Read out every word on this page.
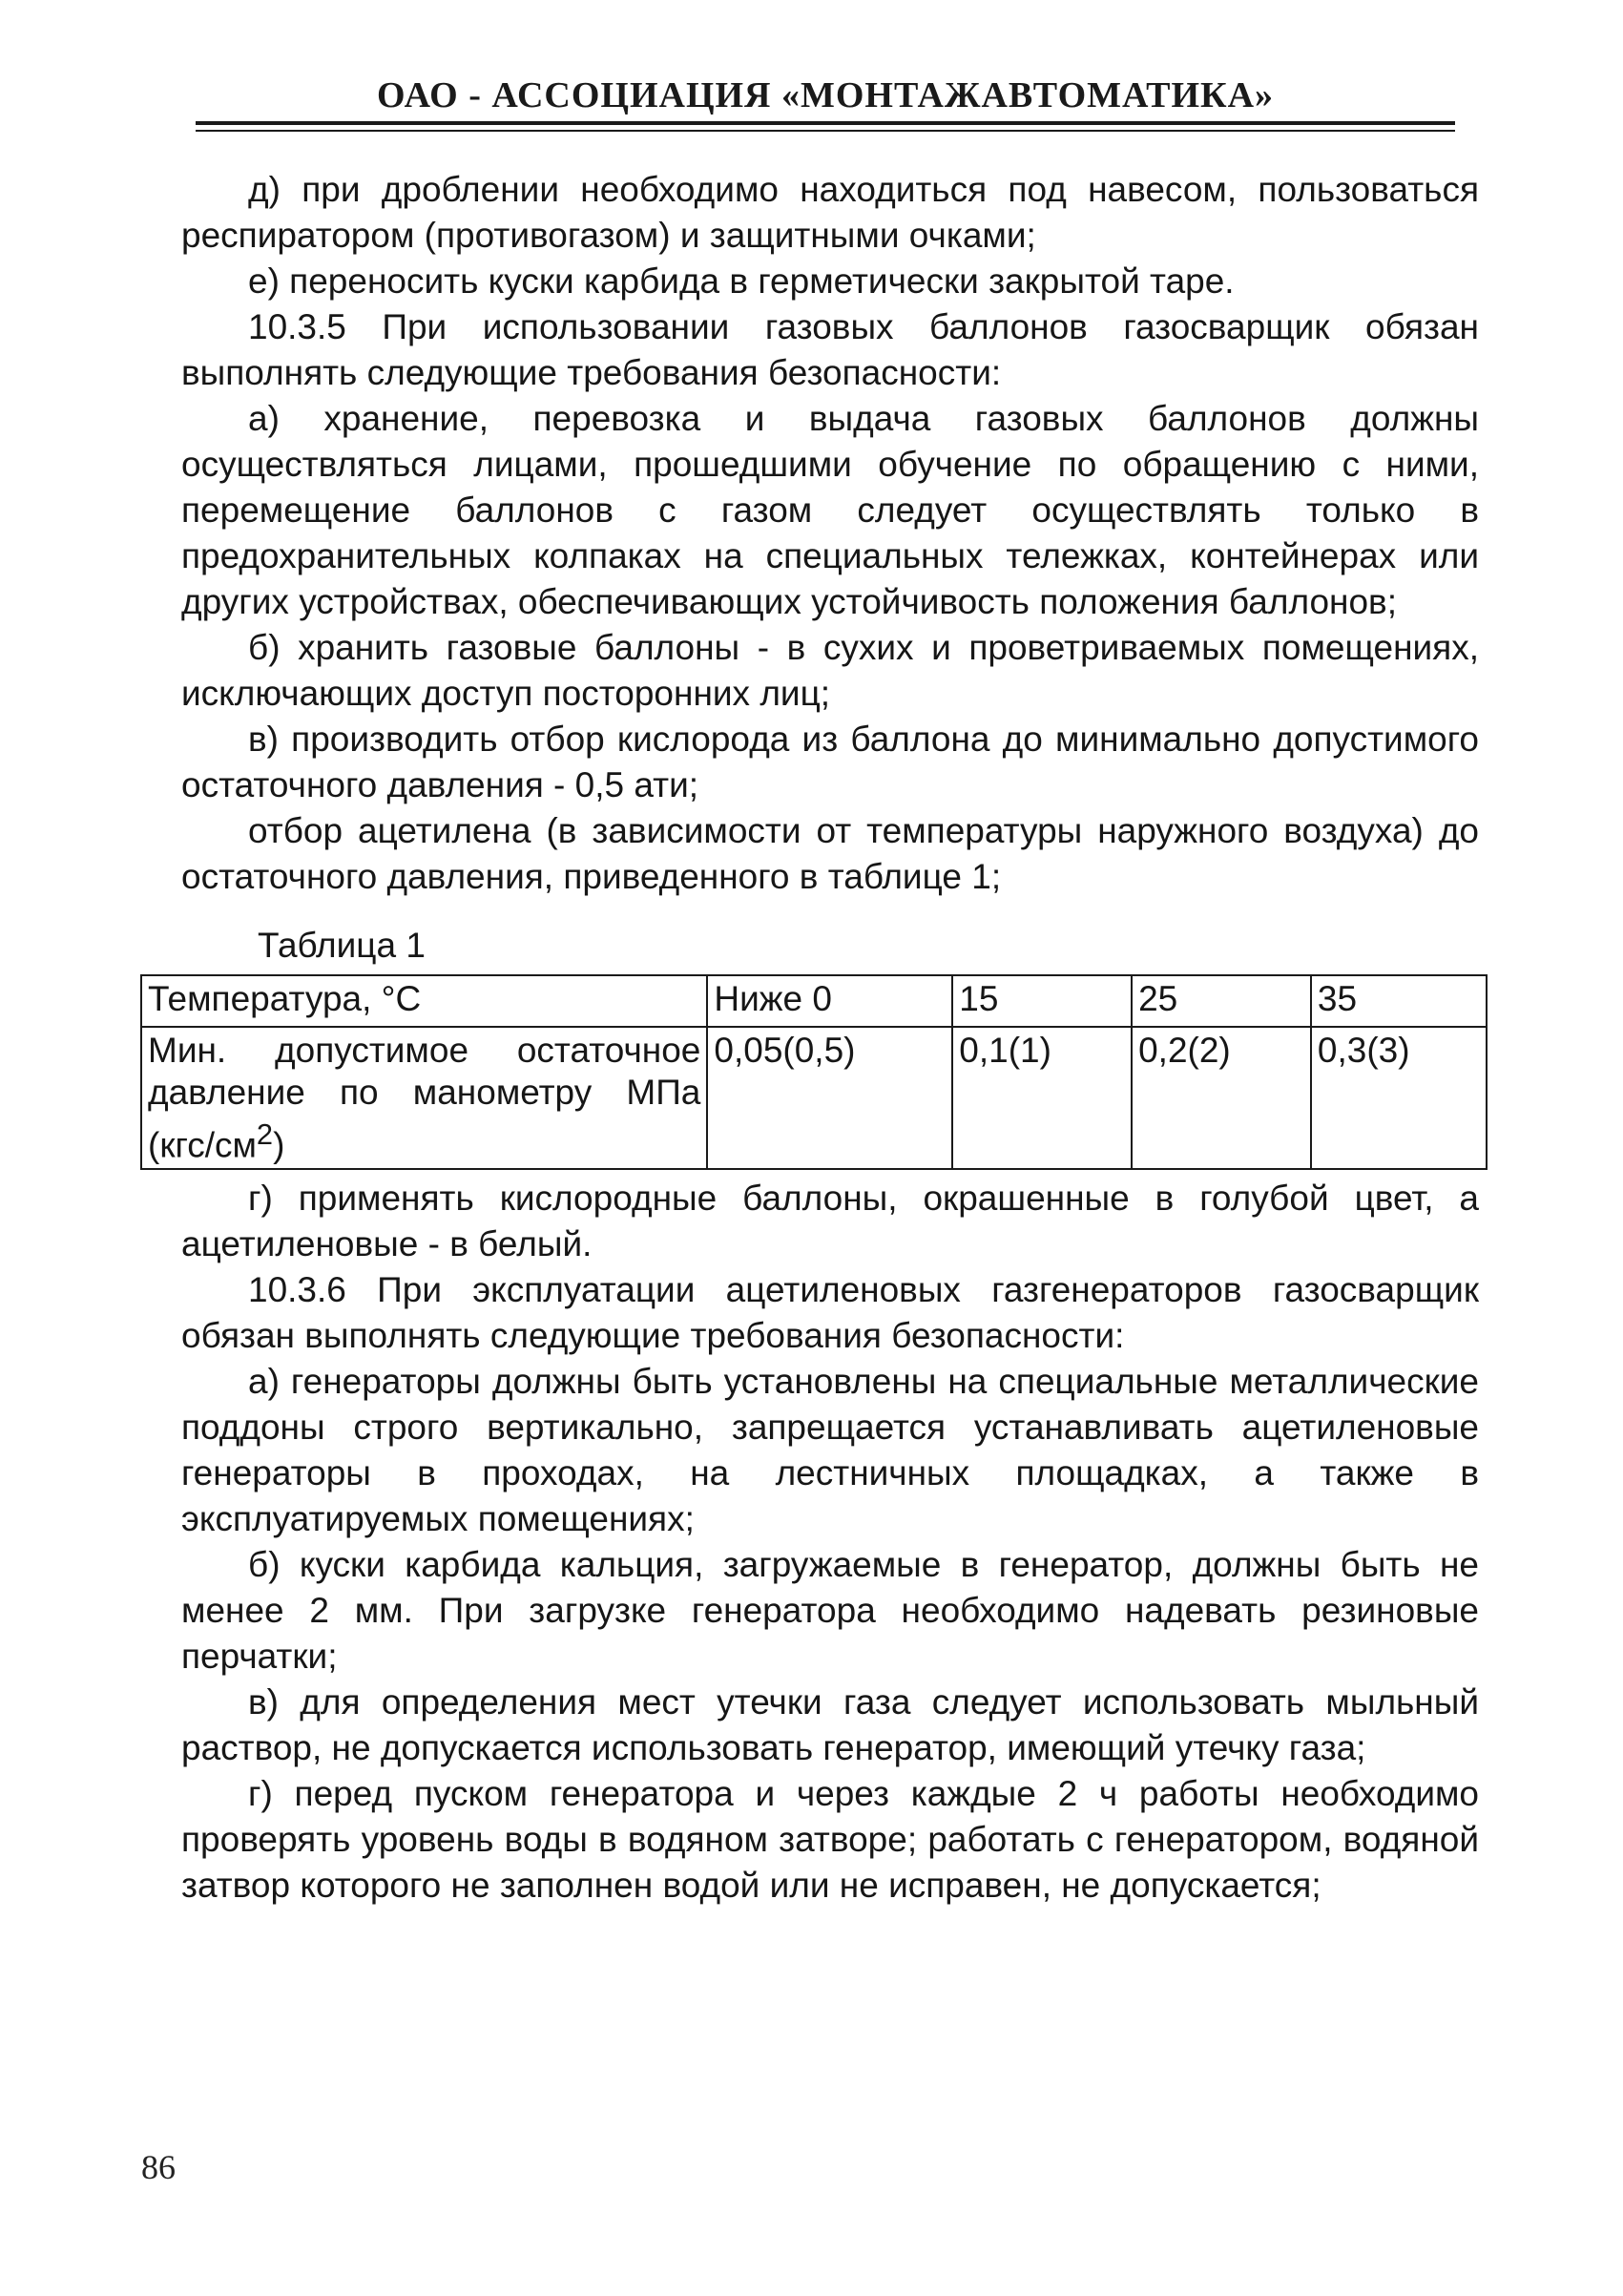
ОАО - АССОЦИАЦИЯ «МОНТАЖАВТОМАТИКА»

д) при дроблении необходимо находиться под навесом, пользоваться респиратором (противогазом) и защитными очками;

е) переносить куски карбида в герметически закрытой таре.

10.3.5 При использовании газовых баллонов газосварщик обязан выполнять следующие требования безопасности:

а) хранение, перевозка и выдача газовых баллонов должны осуществляться лицами, прошедшими обучение по обращению с ними, перемещение баллонов с газом следует осуществлять только в предохранительных колпаках на специальных тележках, контейнерах или других устройствах, обеспечивающих устойчивость положения баллонов;

б) хранить газовые баллоны - в сухих и проветриваемых помещениях, исключающих доступ посторонних лиц;

в) производить отбор кислорода из баллона до минимально допустимого остаточного давления - 0,5 ати;

отбор ацетилена (в зависимости от температуры наружного воздуха) до остаточного давления, приведенного в таблице 1;

Таблица 1
Температура, °С	Ниже 0	15	25	35
Мин. допустимое остаточное давление по манометру МПа $(кгс/см^2)$	0,05(0,5)	0,1(1)	0,2(2)	0,3(3)

г) применять кислородные баллоны, окрашенные в голубой цвет, а ацетиленовые - в белый.

10.3.6 При эксплуатации ацетиленовых газгенераторов газосварщик обязан выполнять следующие требования безопасности:

а) генераторы должны быть установлены на специальные металлические поддоны строго вертикально, запрещается устанавливать ацетиленовые генераторы в проходах, на лестничных площадках, а также в эксплуатируемых помещениях;

б) куски карбида кальция, загружаемые в генератор, должны быть не менее 2 мм. При загрузке генератора необходимо надевать резиновые перчатки;

в) для определения мест утечки газа следует использовать мыльный раствор, не допускается использовать генератор, имеющий утечку газа;

г) перед пуском генератора и через каждые 2 ч работы необходимо проверять уровень воды в водяном затворе; работать с генератором, водяной затвор которого не заполнен водой или не исправен, не допускается;

86
